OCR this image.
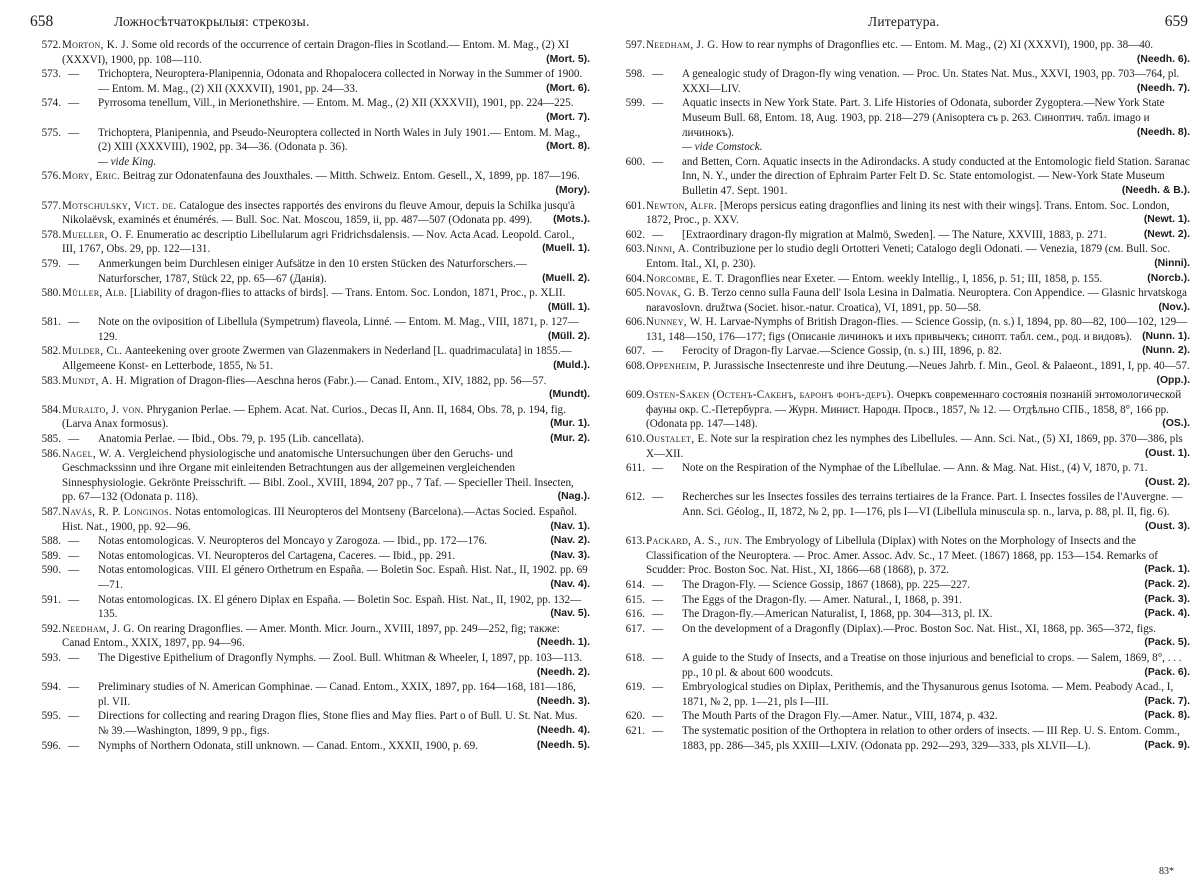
658	Ложносѣтчатокрылыя: стрекозы.
572. Morton, K. J. Some old records of the occurrence of certain Dragon-flies in Scotland.— Entom. M. Mag., (2) XI (XXXVI), 1900, pp. 108—110.	(Mort. 5).
573. — Trichoptera, Neuroptera-Planipennia, Odonata and Rhopalocera collected in Norway in the Summer of 1900. — Entom. M. Mag., (2) XII (XXXVII), 1901, pp. 24—33.	(Mort. 6).
574. — Pyrrosoma tenellum, Vill., in Merionethshire. — Entom. M. Mag., (2) XII (XXXVII), 1901, pp. 224—225.
(Mort. 7).
575. — Trichoptera, Planipennia, and Pseudo-Neuroptera collected in North Wales in July 1901.— Entom. M. Mag., (2) XIII (XXXVIII), 1902, pp. 34—36. (Odonata p. 36).	(Mort. 8).
— vide King.
576. Mory, Eric. Beitrag zur Odonatenfauna des Jouxthales. — Mitth. Schweiz. Entom. Gesell., X, 1899, pp. 187—196.
(Mory).
577. Motschulsky, Vict. de. Catalogue des insectes rapportés des environs du fleuve Amour, depuis la Schilka jusqu'à Nikolaëvsk, examinés et énumérés. — Bull. Soc. Nat. Moscou, 1859, ii, pp. 487—507 (Odonata pp. 499). (Mots.).
578. Mueller, O. F. Enumeratio ac descriptio Libellularum agri Fridrichsdalensis. — Nov. Acta Acad. Leopold. Carol., III, 1767, Obs. 29, pp. 122—131.	(Muell. 1).
579. — Anmerkungen beim Durchlesen einiger Aufsätze in den 10 ersten Stücken des Naturforschers.—Naturforscher, 1787, Stück 22, pp. 65—67 (Данія).	(Muell. 2).
580. Müller, Alb. [Liability of dragon-flies to attacks of birds]. — Trans. Entom. Soc. London, 1871, Proc., p. XLII.
(Müll. 1).
581. — Note on the oviposition of Libellula (Sympetrum) flaveola, Linné. — Entom. M. Mag., VIII, 1871, p. 127—129.	(Müll. 2).
582. Mulder, Cl. Aanteekening over groote Zwermen van Glazenmakers in Nederland [L. quadrimaculata] in 1855.—Allgemeene Konst- en Letterbode, 1855, № 51.	(Muld.).
583. Mundt, A. H. Migration of Dragon-flies—Aeschna heros (Fabr.).— Canad. Entom., XIV, 1882, pp. 56—57.
(Mundt).
584. Muralto, J. von. Phryganion Perlae. — Ephem. Acat. Nat. Curios., Decas II, Ann. II, 1684, Obs. 78, p. 194, fig. (Larva Anax formosus).	(Mur. 1).
585. — Anatomia Perlae. — Ibid., Obs. 79, p. 195 (Lib. cancellata).	(Mur. 2).
586. Nagel, W. A. Vergleichend physiologische und anatomische Untersuchungen über den Geruchs- und Geschmackssinn und ihre Organe mit einleitenden Betrachtungen aus der allgemeinen vergleichenden Sinnesphysiologie. Gekrönte Preisschrift. — Bibl. Zool., XVIII, 1894, 207 pp., 7 Taf. — Specieller Theil. Insecten, pp. 67—132 (Odonata p. 118).	(Nag.).
587. Navás, R. P. Longinos. Notas entomologicas. III Neuropteros del Montseny (Barcelona).—Actas Socied. Español. Hist. Nat., 1900, pp. 92—96.	(Nav. 1).
588. — Notas entomologicas. V. Neuropteros del Moncayo y Zarogoza. — Ibid., pp. 172—176.	(Nav. 2).
589. — Notas entomologicas. VI. Neuropteros del Cartagena, Caceres. — Ibid., pp. 291.	(Nav. 3).
590. — Notas entomologicas. VIII. El género Orthetrum en España. — Boletin Soc. Españ. Hist. Nat., II, 1902. pp. 69—71.	(Nav. 4).
591. — Notas entomologicas. IX. El género Diplax en España. — Boletin Soc. Españ. Hist. Nat., II, 1902, pp. 132—135.	(Nav. 5).
592. Needham, J. G. On rearing Dragonflies. — Amer. Month. Micr. Journ., XVIII, 1897, pp. 249—252, fig; также: Canad Entom., XXIX, 1897, pp. 94—96.	(Needh. 1).
593. — The Digestive Epithelium of Dragonfly Nymphs. — Zool. Bull. Whitman & Wheeler, I, 1897, pp. 103—113.
(Needh. 2).
594. — Preliminary studies of N. American Gomphinae. — Canad. Entom., XXIX, 1897, pp. 164—168, 181—186, pl. VII.	(Needh. 3).
595. — Directions for collecting and rearing Dragon flies, Stone flies and May flies. Part o of Bull. U. St. Nat. Mus. № 39.—Washington, 1899, 9 pp., figs.	(Needh. 4).
596. — Nymphs of Northern Odonata, still unknown. — Canad. Entom., XXXII, 1900, p. 69.	(Needh. 5).
Литература.	659
597. Needham, J. G. How to rear nymphs of Dragonflies etc. — Entom. M. Mag., (2) XI (XXXVI), 1900, pp. 38—40.
(Needh. 6).
598. — A genealogic study of Dragon-fly wing venation. — Proc. Un. States Nat. Mus., XXVI, 1903, pp. 703—764, pl. XXXI—LIV.	(Needh. 7).
599. — Aquatic insects in New York State. Part. 3. Life Histories of Odonata, suborder Zygoptera.—New York State Museum Bull. 68, Entom. 18, Aug. 1903, pp. 218—279 (Anisoptera съ p. 263. Синоптич. табл. imago и личинокъ).	(Needh. 8).
— vide Comstock.
600. — and Betten, Corn. Aquatic insects in the Adirondacks. A study conducted at the Entomologic field Station. Saranac Inn, N. Y., under the direction of Ephraim Parter Felt D. Sc. State entomologist. — New-York State Museum Bulletin 47. Sept. 1901.	(Needh. & B.).
601. Newton, Alfr. [Merops persicus eating dragonflies and lining its nest with their wings]. Trans. Entom. Soc. London, 1872, Proc., p. XXV.	(Newt. 1).
602. — [Extraordinary dragon-fly migration at Malmö, Sweden]. — The Nature, XXVIII, 1883, p. 271.	(Newt. 2).
603. Ninni, A. Contribuzione per lo studio degli Ortotteri Veneti; Catalogo degli Odonati. — Venezia, 1879 (см. Bull. Soc. Entom. Ital., XI, p. 230).	(Ninni).
604. Norcombe, E. T. Dragonflies near Exeter. — Entom. weekly Intellig., I, 1856, p. 51; III, 1858, p. 155.	(Norcb.).
605. Novak, G. B. Terzo cenno sulla Fauna dell' Isola Lesina in Dalmatia. Neuroptera. Con Appendice. — Glasnic hrvatskoga naravoslovn. družtwa (Societ. hisor.-natur. Croatica), VI, 1891, pp. 50—58.	(Nov.).
606. Nunney, W. H. Larvae-Nymphs of British Dragon-flies. — Science Gossip, (n. s.) I, 1894, pp. 80—82, 100—102, 129—131, 148—150, 176—177; figs (Описаніе личинокъ и ихъ привычекъ; синопт. табл. сем., род. и видовъ). (Nunn. 1).
607. — Ferocity of Dragon-fly Larvae.—Science Gossip, (n. s.) III, 1896, p. 82.	(Nunn. 2).
608. Oppenheim, P. Jurassische Insectenreste und ihre Deutung.—Neues Jahrb. f. Min., Geol. & Palaeont., 1891, I, pp. 40—57.
(Opp.).
609. Osten-Saken (Остенъ-Сакенъ, баронъ фонъ-деръ). Очеркъ современнаго состоянія познаній энтомологической фауны окр. С.-Петербурга. — Журн. Минист. Народн. Просв., 1857, № 12. — Отдѣльно СПБ., 1858, 8°, 166 pp. (Odonata pp. 147—148).	(OS.).
610. Oustalet, E. Note sur la respiration chez les nymphes des Libellules. — Ann. Sci. Nat., (5) XI, 1869, pp. 370—386, pls X—XII.	(Oust. 1).
611. — Note on the Respiration of the Nymphae of the Libellulae. — Ann. & Mag. Nat. Hist., (4) V, 1870, p. 71.
(Oust. 2).
612. — Recherches sur les Insectes fossiles des terrains tertiaires de la France. Part. I. Insectes fossiles de l'Auvergne. — Ann. Sci. Géolog., II, 1872, № 2, pp. 1—176, pls I—VI (Libellula minuscula sp. n., larva, p. 88, pl. II, fig. 6).
(Oust. 3).
613. Packard, A. S., jun. The Embryology of Libellula (Diplax) with Notes on the Morphology of Insects and the Classification of the Neuroptera. — Proc. Amer. Assoc. Adv. Sc., 17 Meet. (1867) 1868, pp. 153—154. Remarks of Scudder: Proc. Boston Soc. Nat. Hist., XI, 1866—68 (1868), p. 372.	(Pack. 1).
614. — The Dragon-Fly. — Science Gossip, 1867 (1868), pp. 225—227.	(Pack. 2).
615. — The Eggs of the Dragon-fly. — Amer. Natural., I, 1868, p. 391.	(Pack. 3).
616. — The Dragon-fly.—American Naturalist, I, 1868, pp. 304—313, pl. IX.	(Pack. 4).
617. — On the development of a Dragonfly (Diplax).—Proc. Boston Soc. Nat. Hist., XI, 1868, pp. 365—372, figs.
(Pack. 5).
618. — A guide to the Study of Insects, and a Treatise on those injurious and beneficial to crops. — Salem, 1869, 8°, . . . pp., 10 pl. & about 600 woodcuts.	(Pack. 6).
619. — Embryological studies on Diplax, Perithemis, and the Thysanurous genus Isotoma. — Mem. Peabody Acad., I, 1871, № 2, pp. 1—21, pls I—III.	(Pack. 7).
620. — The Mouth Parts of the Dragon Fly.—Amer. Natur., VIII, 1874, p. 432.	(Pack. 8).
621. — The systematic position of the Orthoptera in relation to other orders of insects. — III Rep. U. S. Entom. Comm., 1883, pp. 286—345, pls XXIII—LXIV. (Odonata pp. 292—293, 329—333, pls XLVII—L).	(Pack. 9).
83*
